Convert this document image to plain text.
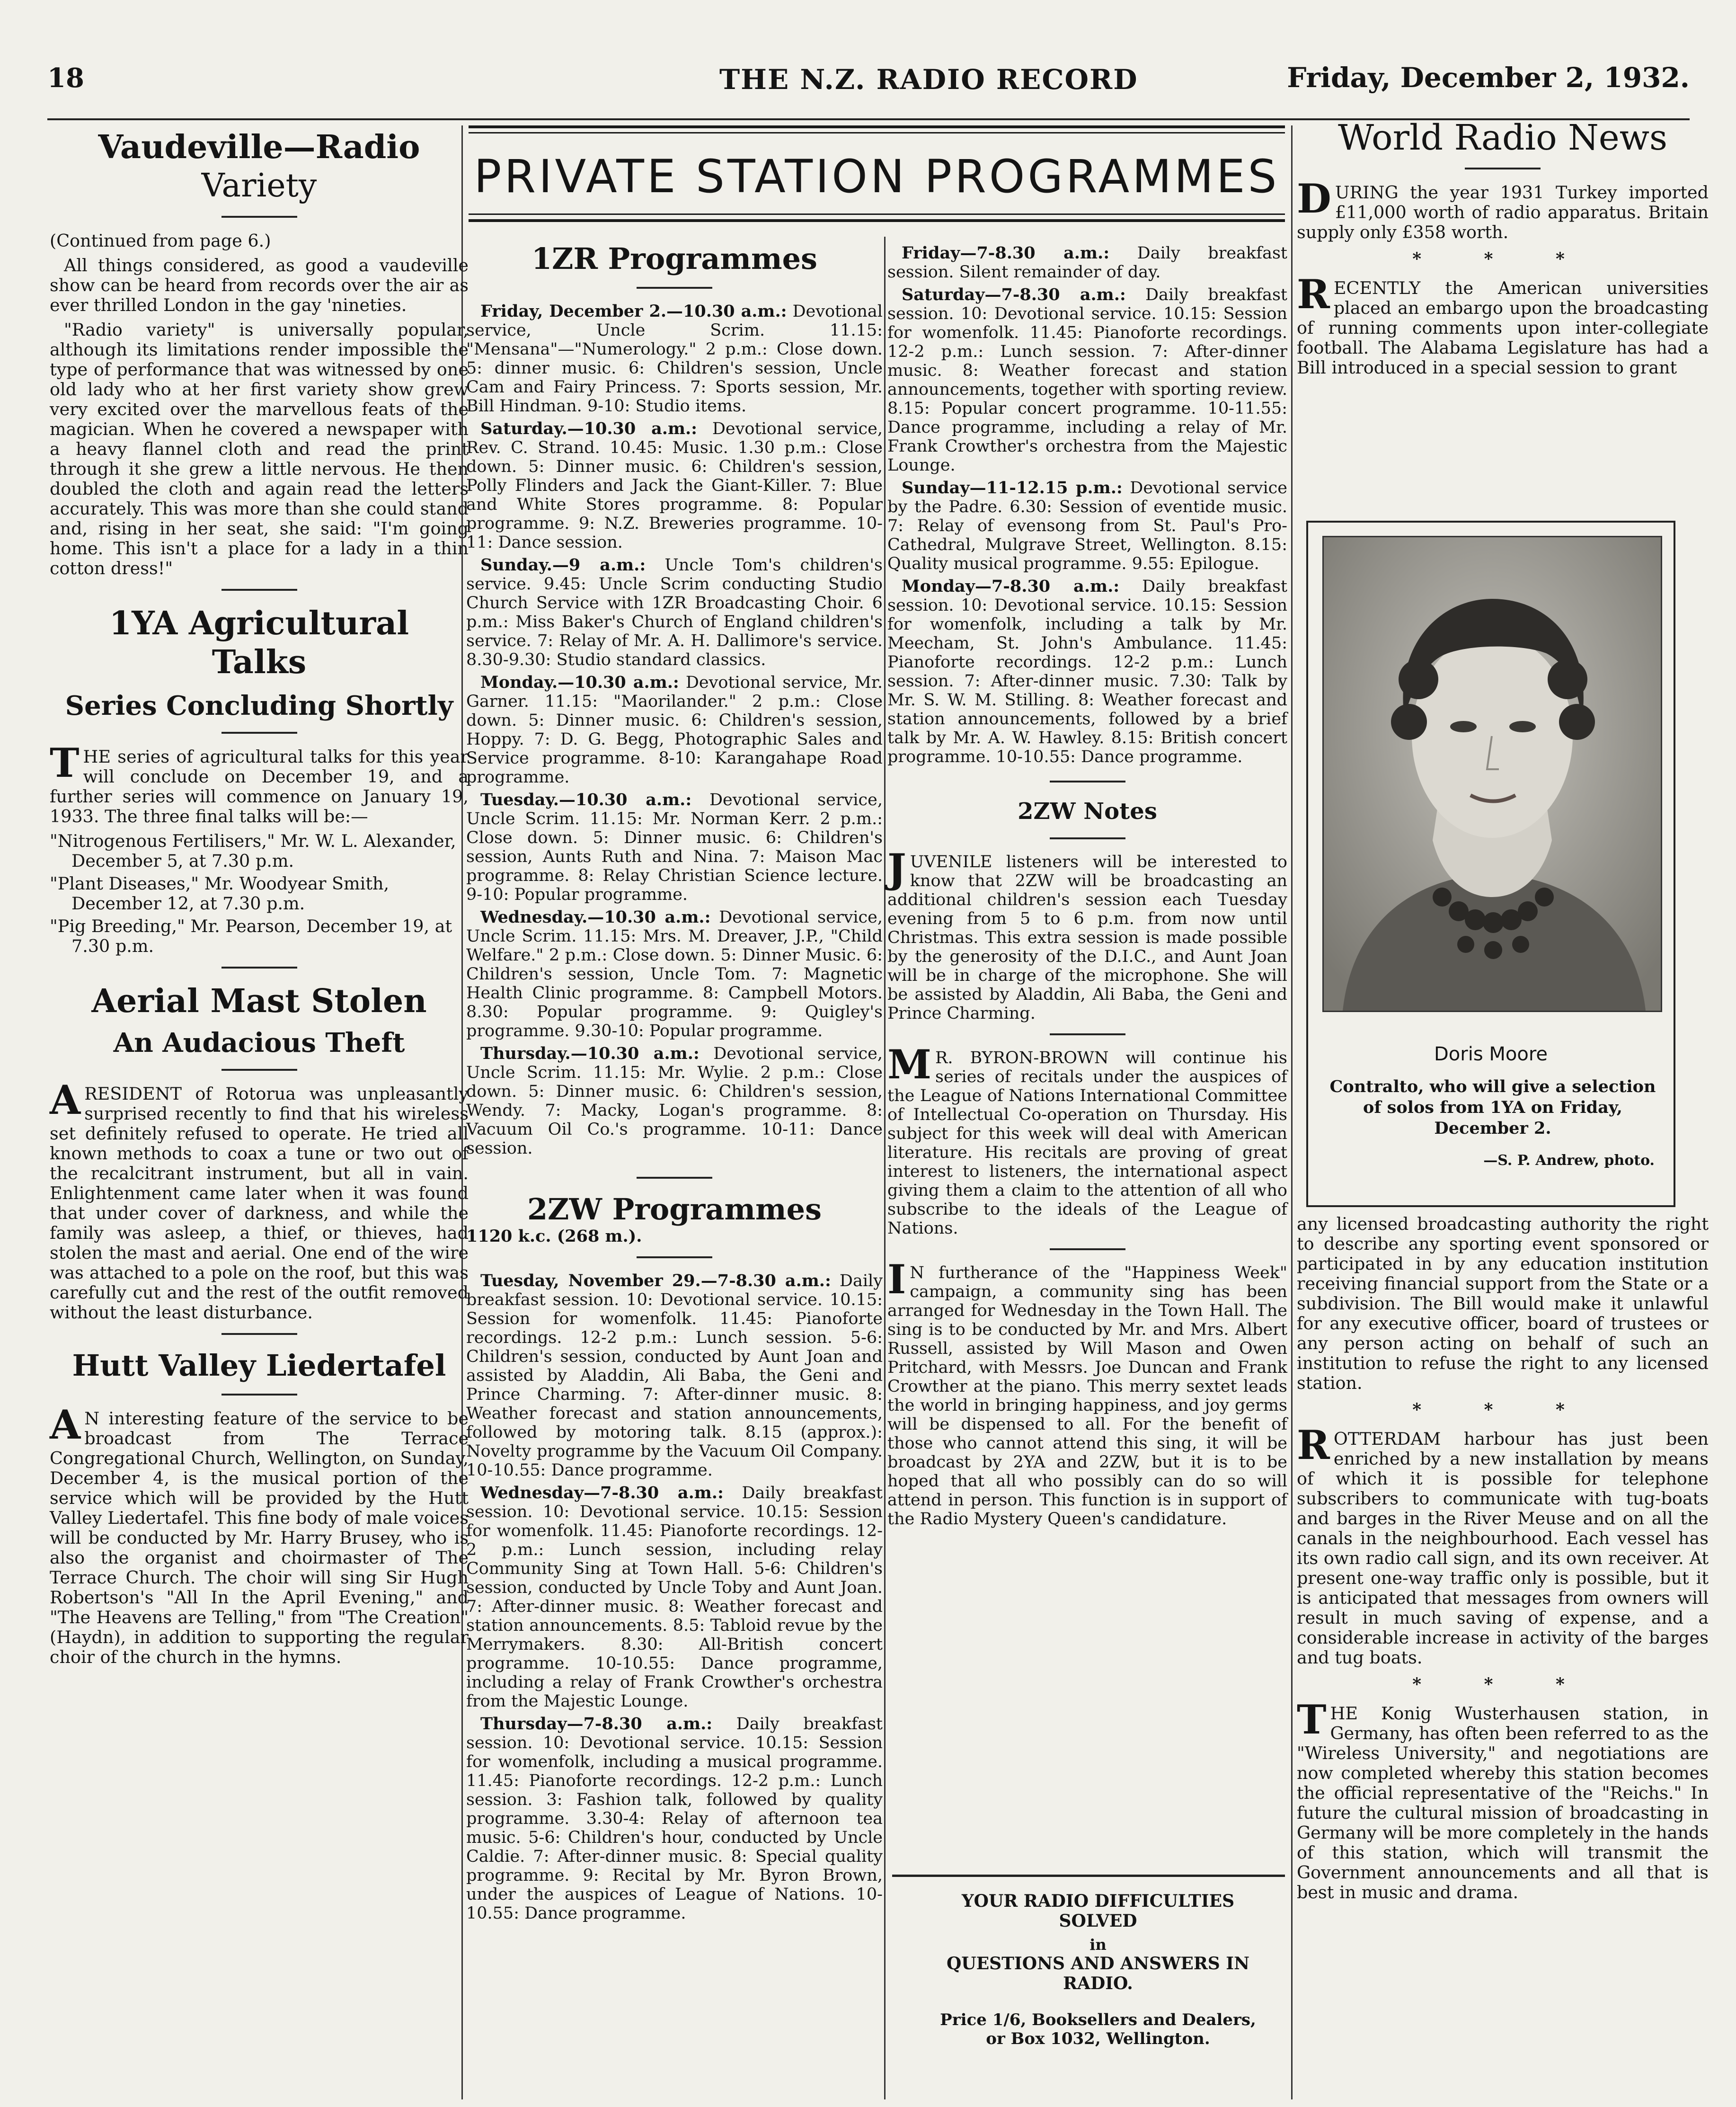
18	THE N.Z. RADIO RECORD	Friday, December 2, 1932.
Vaudeville—Radio
Variety

(Continued from page 6.)

All things considered, as good a vaudeville show can be heard from records over the air as ever thrilled London in the gay 'nineties.

"Radio variety" is universally popular, although its limitations render impossible the type of performance that was witnessed by one old lady who at her first variety show grew very excited over the marvellous feats of the magician. When he covered a newspaper with a heavy flannel cloth and read the print through it she grew a little nervous. He then doubled the cloth and again read the letters accurately. This was more than she could stand and, rising in her seat, she said: "I'm going home. This isn't a place for a lady in a thin cotton dress!"

1YA Agricultural
Talks
Series Concluding Shortly

THE series of agricultural talks for this year will conclude on December 19, and a further series will commence on January 19, 1933. The three final talks will be:—

"Nitrogenous Fertilisers," Mr. W. L. Alexander, December 5, at 7.30 p.m.

"Plant Diseases," Mr. Woodyear Smith, December 12, at 7.30 p.m.

"Pig Breeding," Mr. Pearson, December 19, at 7.30 p.m.

Aerial Mast Stolen
An Audacious Theft

ARESIDENT of Rotorua was unpleasantly surprised recently to find that his wireless set definitely refused to operate. He tried all known methods to coax a tune or two out of the recalcitrant instrument, but all in vain. Enlightenment came later when it was found that under cover of darkness, and while the family was asleep, a thief, or thieves, had stolen the mast and aerial. One end of the wire was attached to a pole on the roof, but this was carefully cut and the rest of the outfit removed without the least disturbance.

Hutt Valley Liedertafel

AN interesting feature of the service to be broadcast from The Terrace Congregational Church, Wellington, on Sunday, December 4, is the musical portion of the service which will be provided by the Hutt Valley Liedertafel. This fine body of male voices will be conducted by Mr. Harry Brusey, who is also the organist and choirmaster of The Terrace Church. The choir will sing Sir Hugh Robertson's "All In the April Evening," and "The Heavens are Telling," from "The Creation" (Haydn), in addition to supporting the regular choir of the church in the hymns.

PRIVATE STATION PROGRAMMES
1ZR Programmes

Friday, December 2.—10.30 a.m.: Devotional service, Uncle Scrim. 11.15: "Mensana"—"Numerology." 2 p.m.: Close down. 5: dinner music. 6: Children's session, Uncle Cam and Fairy Princess. 7: Sports session, Mr. Bill Hindman. 9-10: Studio items.

Saturday.—10.30 a.m.: Devotional service, Rev. C. Strand. 10.45: Music. 1.30 p.m.: Close down. 5: Dinner music. 6: Children's session, Polly Flinders and Jack the Giant-Killer. 7: Blue and White Stores programme. 8: Popular programme. 9: N.Z. Breweries programme. 10-11: Dance session.

Sunday.—9 a.m.: Uncle Tom's children's service. 9.45: Uncle Scrim conducting Studio Church Service with 1ZR Broadcasting Choir. 6 p.m.: Miss Baker's Church of England children's service. 7: Relay of Mr. A. H. Dallimore's service. 8.30-9.30: Studio standard classics.

Monday.—10.30 a.m.: Devotional service, Mr. Garner. 11.15: "Maorilander." 2 p.m.: Close down. 5: Dinner music. 6: Children's session, Hoppy. 7: D. G. Begg, Photographic Sales and Service programme. 8-10: Karangahape Road programme.

Tuesday.—10.30 a.m.: Devotional service, Uncle Scrim. 11.15: Mr. Norman Kerr. 2 p.m.: Close down. 5: Dinner music. 6: Children's session, Aunts Ruth and Nina. 7: Maison Mac programme. 8: Relay Christian Science lecture. 9-10: Popular programme.

Wednesday.—10.30 a.m.: Devotional service, Uncle Scrim. 11.15: Mrs. M. Dreaver, J.P., "Child Welfare." 2 p.m.: Close down. 5: Dinner Music. 6: Children's session, Uncle Tom. 7: Magnetic Health Clinic programme. 8: Campbell Motors. 8.30: Popular programme. 9: Quigley's programme. 9.30-10: Popular programme.

Thursday.—10.30 a.m.: Devotional service, Uncle Scrim. 11.15: Mr. Wylie. 2 p.m.: Close down. 5: Dinner music. 6: Children's session, Wendy. 7: Macky, Logan's programme. 8: Vacuum Oil Co.'s programme. 10-11: Dance session.

2ZW Programmes

1120 k.c. (268 m.).

Tuesday, November 29.—7-8.30 a.m.: Daily breakfast session. 10: Devotional service. 10.15: Session for womenfolk. 11.45: Pianoforte recordings. 12-2 p.m.: Lunch session. 5-6: Children's session, conducted by Aunt Joan and assisted by Aladdin, Ali Baba, the Geni and Prince Charming. 7: After-dinner music. 8: Weather forecast and station announcements, followed by motoring talk. 8.15 (approx.): Novelty programme by the Vacuum Oil Company. 10-10.55: Dance programme.

Wednesday—7-8.30 a.m.: Daily breakfast session. 10: Devotional service. 10.15: Session for womenfolk. 11.45: Pianoforte recordings. 12-2 p.m.: Lunch session, including relay Community Sing at Town Hall. 5-6: Children's session, conducted by Uncle Toby and Aunt Joan. 7: After-dinner music. 8: Weather forecast and station announcements. 8.5: Tabloid revue by the Merrymakers. 8.30: All-British concert programme. 10-10.55: Dance programme, including a relay of Frank Crowther's orchestra from the Majestic Lounge.

Thursday—7-8.30 a.m.: Daily breakfast session. 10: Devotional service. 10.15: Session for womenfolk, including a musical programme. 11.45: Pianoforte recordings. 12-2 p.m.: Lunch session. 3: Fashion talk, followed by quality programme. 3.30-4: Relay of afternoon tea music. 5-6: Children's hour, conducted by Uncle Caldie. 7: After-dinner music. 8: Special quality programme. 9: Recital by Mr. Byron Brown, under the auspices of League of Nations. 10-10.55: Dance programme.

Friday—7-8.30 a.m.: Daily breakfast session. Silent remainder of day.

Saturday—7-8.30 a.m.: Daily breakfast session. 10: Devotional service. 10.15: Session for womenfolk. 11.45: Pianoforte recordings. 12-2 p.m.: Lunch session. 7: After-dinner music. 8: Weather forecast and station announcements, together with sporting review. 8.15: Popular concert programme. 10-11.55: Dance programme, including a relay of Mr. Frank Crowther's orchestra from the Majestic Lounge.

Sunday—11-12.15 p.m.: Devotional service by the Padre. 6.30: Session of eventide music. 7: Relay of evensong from St. Paul's Pro-Cathedral, Mulgrave Street, Wellington. 8.15: Quality musical programme. 9.55: Epilogue.

Monday—7-8.30 a.m.: Daily breakfast session. 10: Devotional service. 10.15: Session for womenfolk, including a talk by Mr. Meecham, St. John's Ambulance. 11.45: Pianoforte recordings. 12-2 p.m.: Lunch session. 7: After-dinner music. 7.30: Talk by Mr. S. W. M. Stilling. 8: Weather forecast and station announcements, followed by a brief talk by Mr. A. W. Hawley. 8.15: British concert programme. 10-10.55: Dance programme.

2ZW Notes

JUVENILE listeners will be interested to know that 2ZW will be broadcasting an additional children's session each Tuesday evening from 5 to 6 p.m. from now until Christmas. This extra session is made possible by the generosity of the D.I.C., and Aunt Joan will be in charge of the microphone. She will be assisted by Aladdin, Ali Baba, the Geni and Prince Charming.

MR. BYRON-BROWN will continue his series of recitals under the auspices of the League of Nations International Committee of Intellectual Co-operation on Thursday. His subject for this week will deal with American literature. His recitals are proving of great interest to listeners, the international aspect giving them a claim to the attention of all who subscribe to the ideals of the League of Nations.

IN furtherance of the "Happiness Week" campaign, a community sing has been arranged for Wednesday in the Town Hall. The sing is to be conducted by Mr. and Mrs. Albert Russell, assisted by Will Mason and Owen Pritchard, with Messrs. Joe Duncan and Frank Crowther at the piano. This merry sextet leads the world in bringing happiness, and joy germs will be dispensed to all. For the benefit of those who cannot attend this sing, it will be broadcast by 2YA and 2ZW, but it is to be hoped that all who possibly can do so will attend in person. This function is in support of the Radio Mystery Queen's candidature.

YOUR RADIO DIFFICULTIES
SOLVED
in
QUESTIONS AND ANSWERS IN
RADIO.
Price 1/6, Booksellers and Dealers,
or Box 1032, Wellington.
World Radio News

DURING the year 1931 Turkey imported £11,000 worth of radio apparatus. Britain supply only £358 worth.

* * *

RECENTLY the American universities placed an embargo upon the broadcasting of running comments upon inter-collegiate football. The Alabama Legislature has had a Bill introduced in a special session to grant

Doris Moore
Contralto, who will give a selection of solos from 1YA on Friday, December 2.
—S. P. Andrew, photo.

any licensed broadcasting authority the right to describe any sporting event sponsored or participated in by any education institution receiving financial support from the State or a subdivision. The Bill would make it unlawful for any executive officer, board of trustees or any person acting on behalf of such an institution to refuse the right to any licensed station.

* * *

ROTTERDAM harbour has just been enriched by a new installation by means of which it is possible for telephone subscribers to communicate with tug-boats and barges in the River Meuse and on all the canals in the neighbourhood. Each vessel has its own radio call sign, and its own receiver. At present one-way traffic only is possible, but it is anticipated that messages from owners will result in much saving of expense, and a considerable increase in activity of the barges and tug boats.

* * *

THE Konig Wusterhausen station, in Germany, has often been referred to as the "Wireless University," and negotiations are now completed whereby this station becomes the official representative of the "Reichs." In future the cultural mission of broadcasting in Germany will be more completely in the hands of this station, which will transmit the Government announcements and all that is best in music and drama.
